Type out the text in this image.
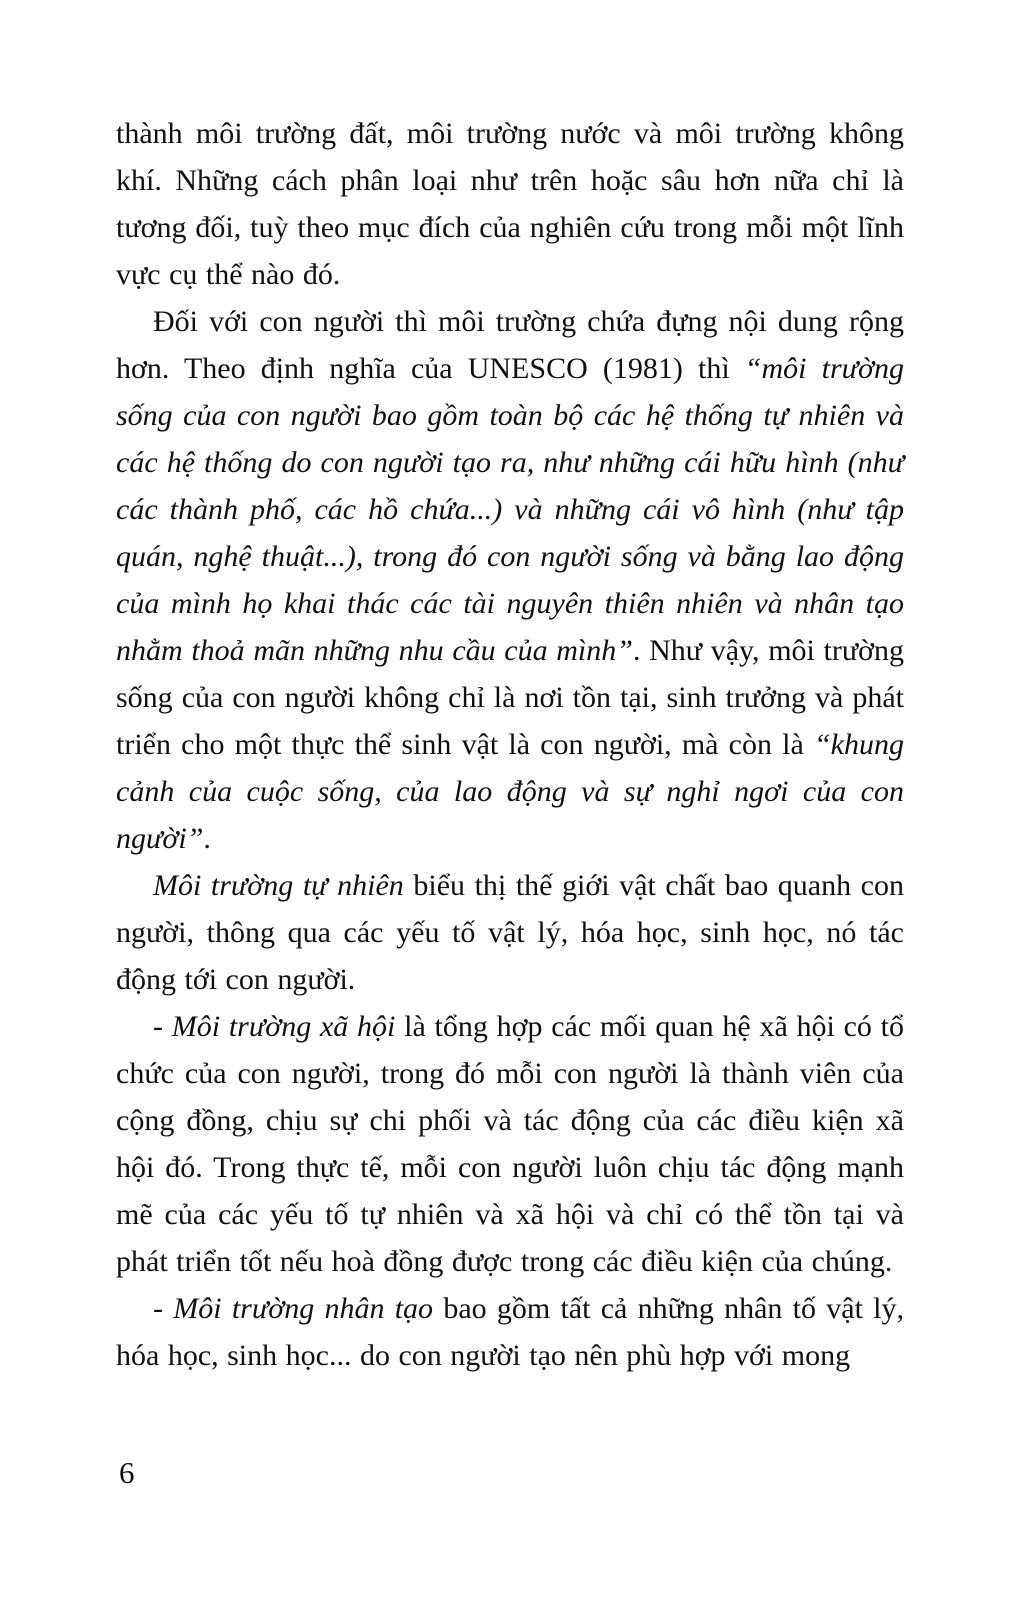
thành môi trường đất, môi trường nước và môi trường không khí. Những cách phân loại như trên hoặc sâu hơn nữa chỉ là tương đối, tuỳ theo mục đích của nghiên cứu trong mỗi một lĩnh vực cụ thể nào đó.

Đối với con người thì môi trường chứa đựng nội dung rộng hơn. Theo định nghĩa của UNESCO (1981) thì “môi trường sống của con người bao gồm toàn bộ các hệ thống tự nhiên và các hệ thống do con người tạo ra, như những cái hữu hình (như các thành phố, các hồ chứa...) và những cái vô hình (như tập quán, nghệ thuật...), trong đó con người sống và bằng lao động của mình họ khai thác các tài nguyên thiên nhiên và nhân tạo nhằm thoả mãn những nhu cầu của mình”. Như vậy, môi trường sống của con người không chỉ là nơi tồn tại, sinh trưởng và phát triển cho một thực thể sinh vật là con người, mà còn là “khung cảnh của cuộc sống, của lao động và sự nghỉ ngơi của con người”.

Môi trường tự nhiên biểu thị thế giới vật chất bao quanh con người, thông qua các yếu tố vật lý, hóa học, sinh học, nó tác động tới con người.

- Môi trường xã hội là tổng hợp các mối quan hệ xã hội có tổ chức của con người, trong đó mỗi con người là thành viên của cộng đồng, chịu sự chi phối và tác động của các điều kiện xã hội đó. Trong thực tế, mỗi con người luôn chịu tác động mạnh mẽ của các yếu tố tự nhiên và xã hội và chỉ có thể tồn tại và phát triển tốt nếu hoà đồng được trong các điều kiện của chúng.

- Môi trường nhân tạo bao gồm tất cả những nhân tố vật lý, hóa học, sinh học... do con người tạo nên phù hợp với mong

6
